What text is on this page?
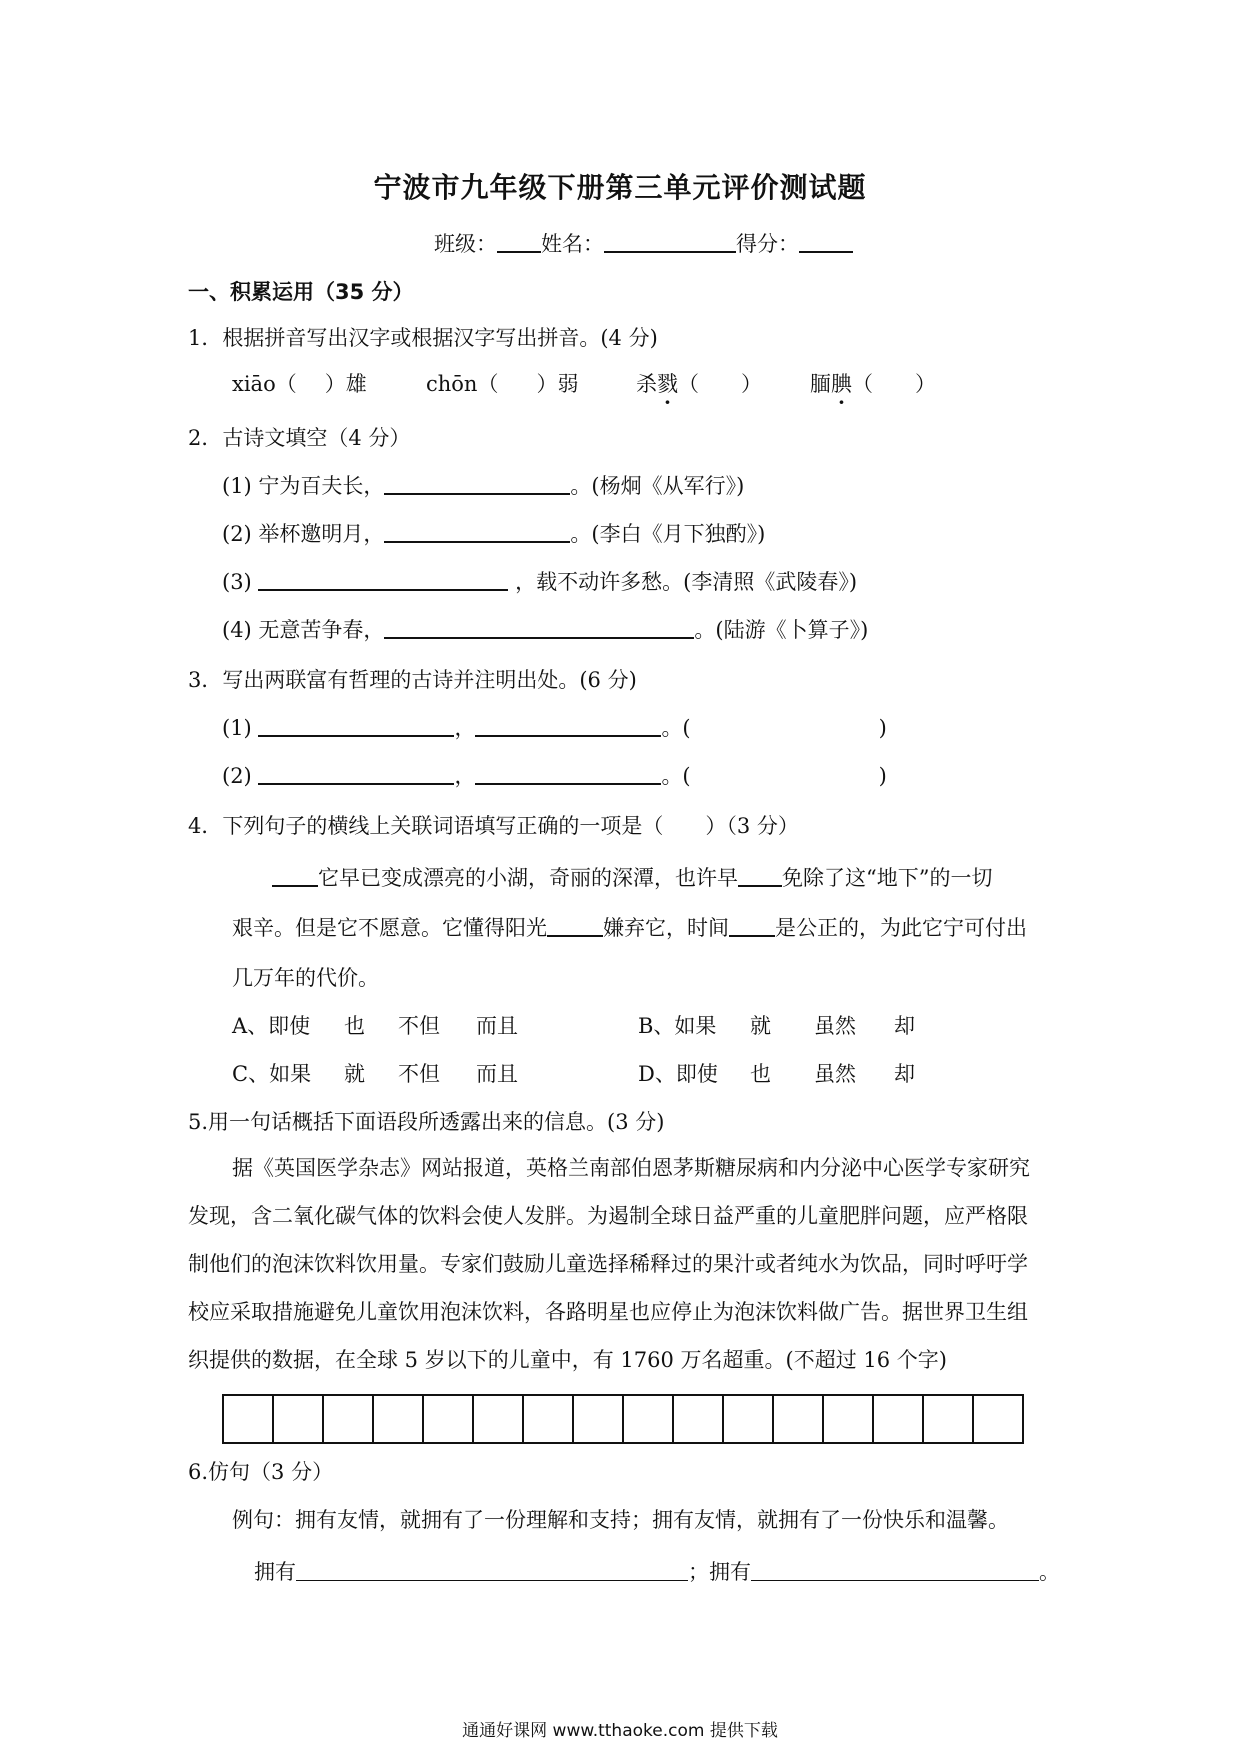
宁波市九年级下册第三单元评价测试题
班级： 姓名：	得分：
一、积累运用（35 分）
1．根据拼音写出汉字或根据汉字写出拼音。(4 分)
xiāo（ ）雄	chōn（ ）弱	杀戮（　　） 腼腆（　　）
2．古诗文填空（4 分）
(1) 宁为百夫长，	。(杨炯《从军行》)
(2) 举杯邀明月，	。(李白《月下独酌》)
(3)	，载不动许多愁。(李清照《武陵春》)
(4) 无意苦争春，	。(陆游《卜算子》)
3．写出两联富有哲理的古诗并注明出处。(6 分)
(1)	，	。(	)
(2)	，	。(	)
4．下列句子的横线上关联词语填写正确的一项是（　　）（3 分）
它早已变成漂亮的小湖，奇丽的深潭，也许早 免除了这“地下”的一切
艰辛。但是它不愿意。它懂得阳光	嫌弃它，时间 是公正的，为此它宁可付出
几万年的代价。
A、即使 也 不但 而且	B、如果 就 虽然 却
C、如果 就 不但 而且	D、即使 也 虽然 却
5.用一句话概括下面语段所透露出来的信息。(3 分)
据《英国医学杂志》网站报道，英格兰南部伯恩茅斯糖尿病和内分泌中心医学专家研究
发现，含二氧化碳气体的饮料会使人发胖。为遏制全球日益严重的儿童肥胖问题，应严格限
制他们的泡沫饮料饮用量。专家们鼓励儿童选择稀释过的果汁或者纯水为饮品，同时呼吁学
校应采取措施避免儿童饮用泡沫饮料，各路明星也应停止为泡沫饮料做广告。据世界卫生组
织提供的数据，在全球 5 岁以下的儿童中，有 1760 万名超重。(不超过 16 个字)
6.仿句（3 分）
例句：拥有友情，就拥有了一份理解和支持；拥有友情，就拥有了一份快乐和温馨。
拥有	；拥有	。
通通好课网 www.tthaoke.com 提供下载
